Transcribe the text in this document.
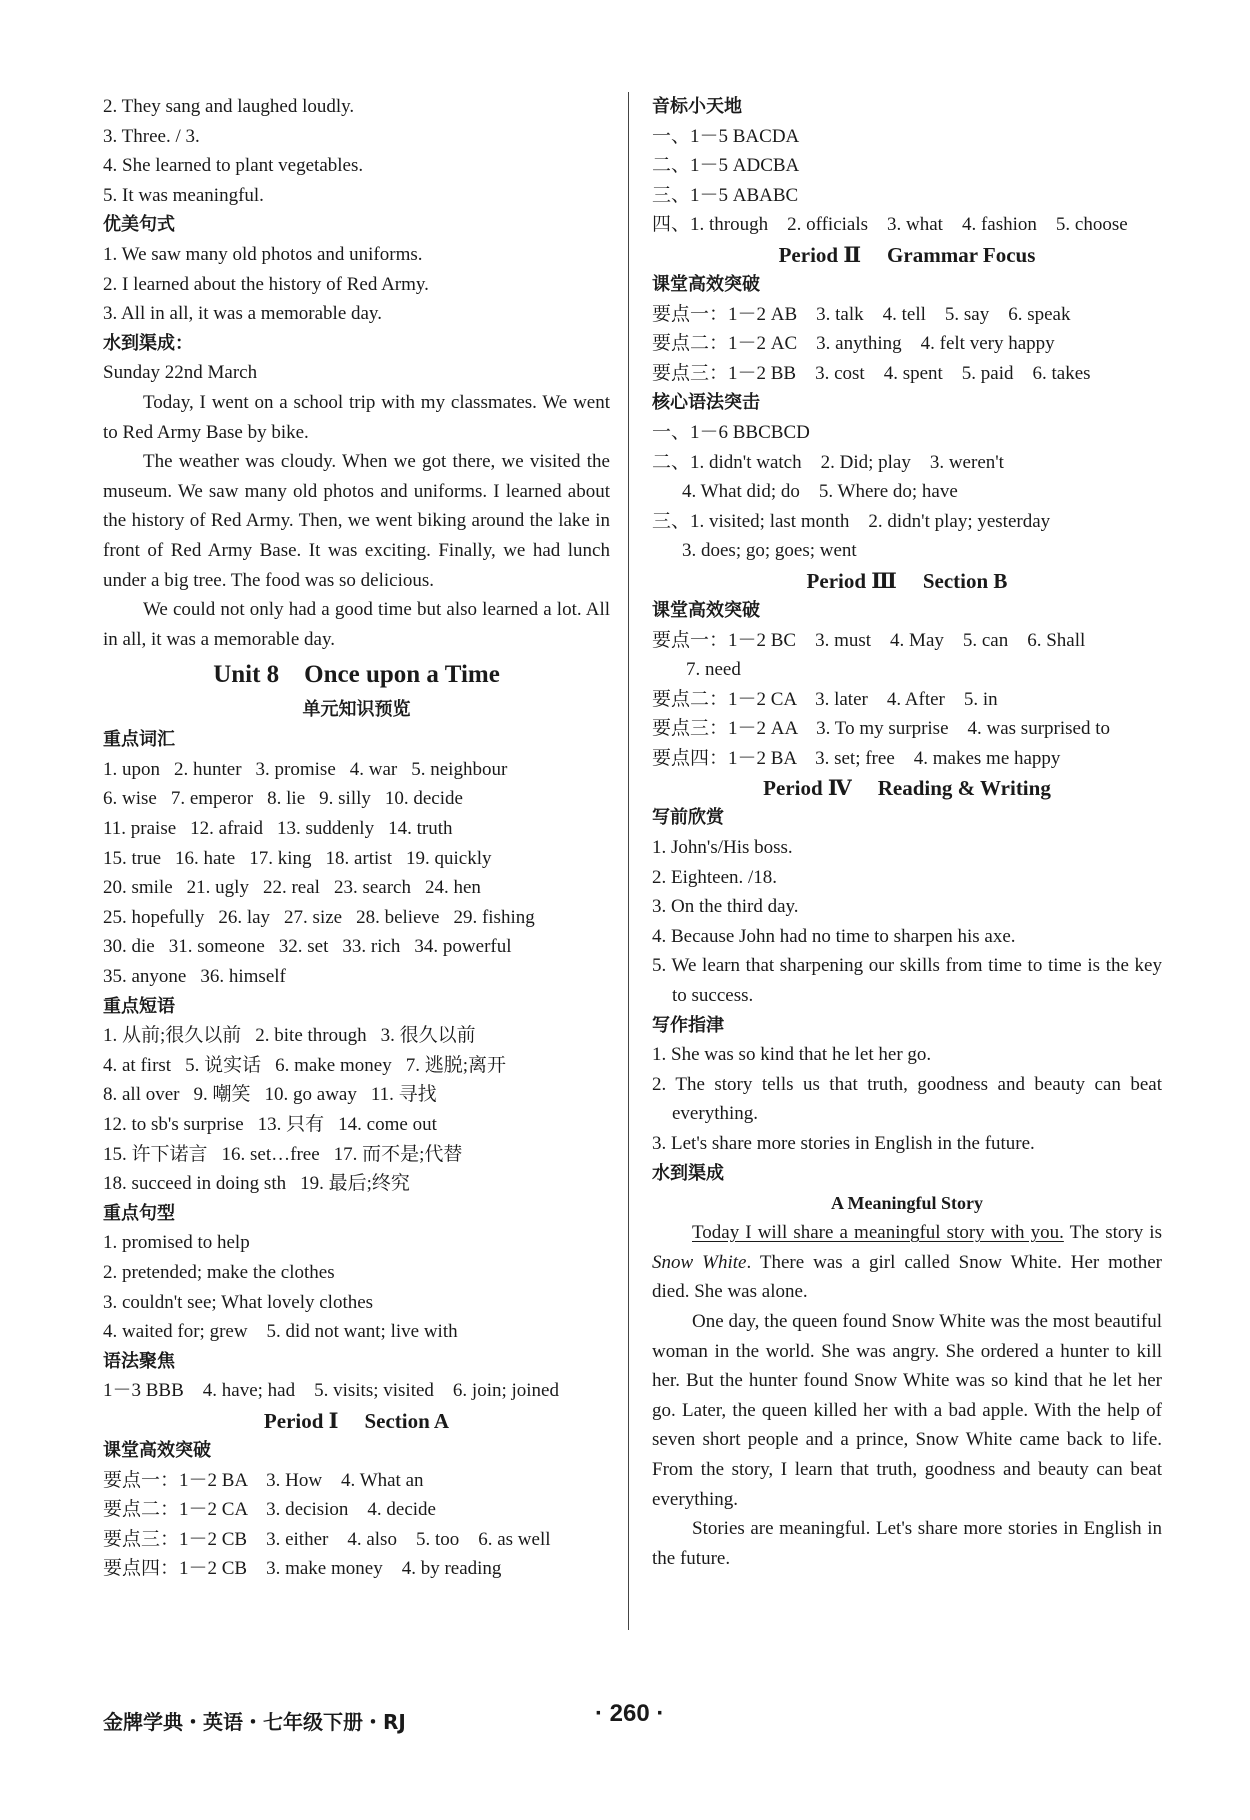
2. They sang and laughed loudly.
3. Three. / 3.
4. She learned to plant vegetables.
5. It was meaningful.
优美句式
1. We saw many old photos and uniforms.
2. I learned about the history of Red Army.
3. All in all, it was a memorable day.
水到渠成：
Sunday 22nd March
Today, I went on a school trip with my classmates. We went to Red Army Base by bike.
The weather was cloudy. When we got there, we visited the museum. We saw many old photos and uniforms. I learned about the history of Red Army. Then, we went biking around the lake in front of Red Army Base. It was exciting. Finally, we had lunch under a big tree. The food was so delicious.
We could not only had a good time but also learned a lot. All in all, it was a memorable day.
Unit 8　Once upon a Time
单元知识预览
重点词汇
1. upon 2. hunter 3. promise 4. war 5. neighbour
6. wise 7. emperor 8. lie 9. silly 10. decide
11. praise 12. afraid 13. suddenly 14. truth
15. true 16. hate 17. king 18. artist 19. quickly
20. smile 21. ugly 22. real 23. search 24. hen
25. hopefully 26. lay 27. size 28. believe 29. fishing
30. die 31. someone 32. set 33. rich 34. powerful
35. anyone 36. himself
重点短语
1. 从前;很久以前 2. bite through 3. 很久以前
4. at first 5. 说实话 6. make money 7. 逃脱;离开
8. all over 9. 嘲笑 10. go away 11. 寻找
12. to sb's surprise 13. 只有 14. come out
15. 许下诺言 16. set…free 17. 而不是;代替
18. succeed in doing sth 19. 最后;终究
重点句型
1. promised to help
2. pretended; make the clothes
3. couldn't see; What lovely clothes
4. waited for; grew　5. did not want; live with
语法聚焦
1－3 BBB　4. have; had　5. visits; visited　6. join; joined
Period Ⅰ Section A
课堂高效突破
要点一：1－2 BA　3. How　4. What an
要点二：1－2 CA　3. decision　4. decide
要点三：1－2 CB　3. either　4. also　5. too　6. as well
要点四：1－2 CB　3. make money　4. by reading
音标小天地
一、1－5 BACDA
二、1－5 ADCBA
三、1－5 ABABC
四、1. through　2. officials　3. what　4. fashion　5. choose
Period Ⅱ Grammar Focus
课堂高效突破
要点一：1－2 AB　3. talk　4. tell　5. say　6. speak
要点二：1－2 AC　3. anything　4. felt very happy
要点三：1－2 BB　3. cost　4. spent　5. paid　6. takes
核心语法突击
一、1－6 BBCBCD
二、1. didn't watch　2. Did; play　3. weren't
4. What did; do　5. Where do; have
三、1. visited; last month　2. didn't play; yesterday
3. does; go; goes; went
Period Ⅲ Section B
课堂高效突破
要点一：1－2 BC　3. must　4. May　5. can　6. Shall
7. need
要点二：1－2 CA　3. later　4. After　5. in
要点三：1－2 AA　3. To my surprise　4. was surprised to
要点四：1－2 BA　3. set; free　4. makes me happy
Period Ⅳ Reading & Writing
写前欣赏
1. John's/His boss.
2. Eighteen. /18.
3. On the third day.
4. Because John had no time to sharpen his axe.
5. We learn that sharpening our skills from time to time is the key to success.
写作指津
1. She was so kind that he let her go.
2. The story tells us that truth, goodness and beauty can beat everything.
3. Let's share more stories in English in the future.
水到渠成
A Meaningful Story

Today I will share a meaningful story with you. The story is Snow White. There was a girl called Snow White. Her mother died. She was alone.

One day, the queen found Snow White was the most beautiful woman in the world. She was angry. She ordered a hunter to kill her. But the hunter found Snow White was so kind that he let her go. Later, the queen killed her with a bad apple. With the help of seven short people and a prince, Snow White came back to life. From the story, I learn that truth, goodness and beauty can beat everything.
Stories are meaningful. Let's share more stories in English in the future.
金牌学典・英语・七年级下册・RJ	· 260 ·
